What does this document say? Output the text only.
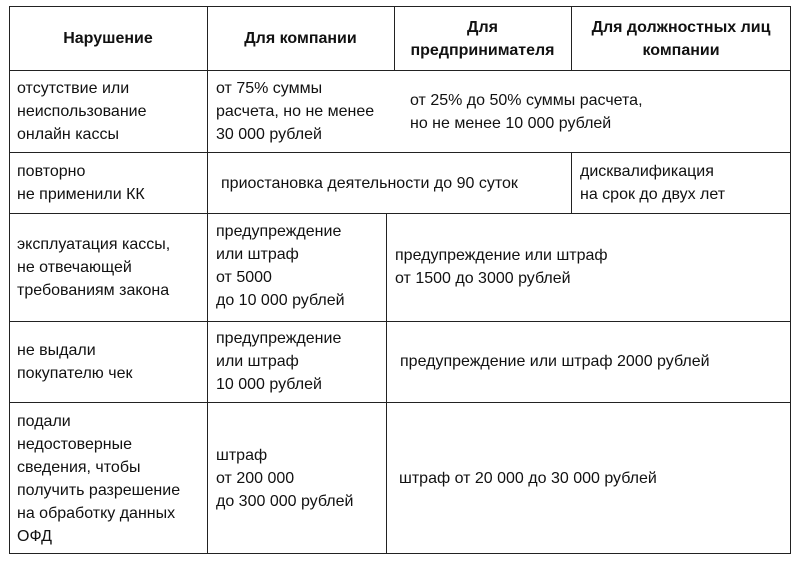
Нарушение	Для компании
Для
предпринимателя
Для должностных лиц
компании
отсутствие или
неиспользование
онлайн кассы
от 75% суммы
расчета, но не менее
30 000 рублей
от 25% до 50% суммы расчета,
но не менее 10 000 рублей
повторно
не применили КК
приостановка деятельности до 90 суток
дисквалификация
на срок до двух лет
эксплуатация кассы,
не отвечающей
требованиям закона
предупреждение
или штраф
от 5000
до 10 000 рублей
предупреждение или штраф
от 1500 до 3000 рублей
не выдали
покупателю чек
предупреждение
или штраф
10 000 рублей
предупреждение или штраф 2000 рублей
подали
недостоверные
сведения, чтобы
получить разрешение
на обработку данных
ОФД
штраф
от 200 000
до 300 000 рублей
штраф от 20 000 до 30 000 рублей
